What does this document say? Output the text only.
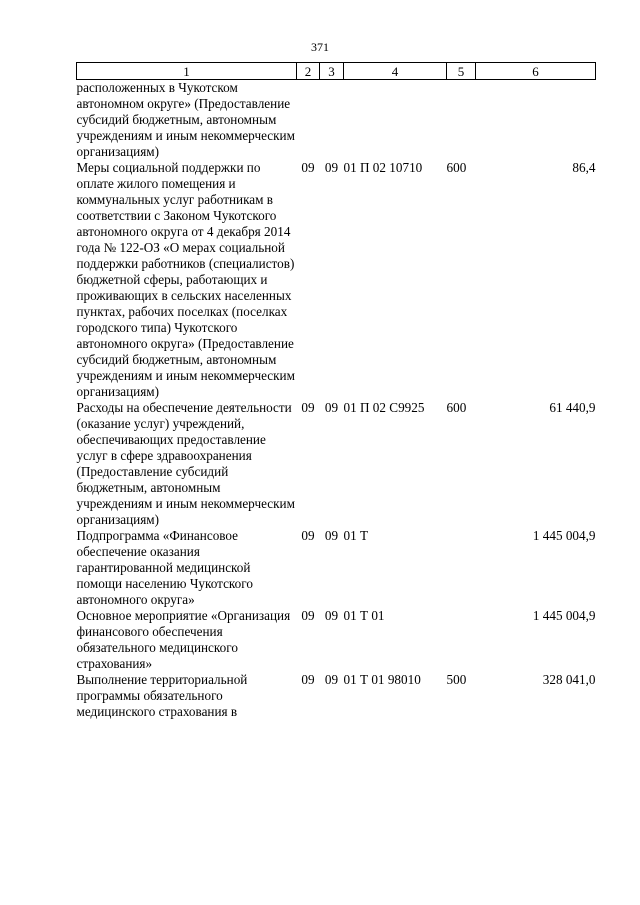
371
1	2	3	4	5	6
расположенных в Чукотском автономном округе» (Предоставление субсидий бюджетным, автономным учреждениям и иным некоммерческим организациям)					
Меры социальной поддержки по оплате жилого помещения и коммунальных услуг работникам в соответствии с Законом Чукотского автономного округа от 4 декабря 2014 года № 122-ОЗ «О мерах социальной поддержки работников (специалистов) бюджетной сферы, работающих и проживающих в сельских населенных пунктах, рабочих поселках (поселках городского типа) Чукотского автономного округа» (Предоставление субсидий бюджетным, автономным учреждениям и иным некоммерческим организациям)	09	09	01 П 02 10710	600	86,4
Расходы на обеспечение деятельности (оказание услуг) учреждений, обеспечивающих предоставление услуг в сфере здравоохранения (Предоставление субсидий бюджетным, автономным учреждениям и иным некоммерческим организациям)	09	09	01 П 02 С9925	600	61 440,9
Подпрограмма «Финансовое обеспечение оказания гарантированной медицинской помощи населению Чукотского автономного округа»	09	09	01 Т		1 445 004,9
Основное мероприятие «Организация финансового обеспечения обязательного медицинского страхования»	09	09	01 Т 01		1 445 004,9
Выполнение территориальной программы обязательного медицинского страхования в	09	09	01 Т 01 98010	500	328 041,0
